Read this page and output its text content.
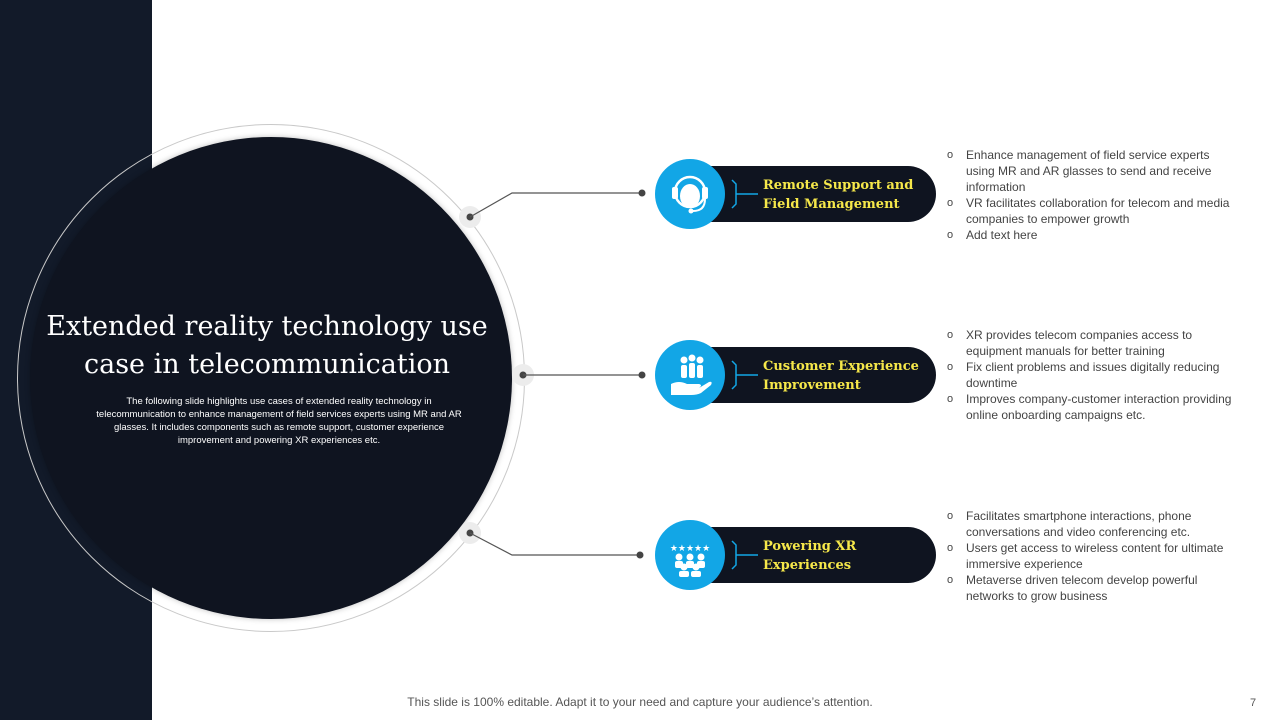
Extended reality technology use case in telecommunication

The following slide highlights use cases of extended reality technology in telecommunication to enhance management of field services experts using MR and AR glasses. It includes components such as remote support, customer experience improvement and powering XR experiences etc.

Remote Support and Field Management
o Enhance management of field service experts using MR and AR glasses to send and receive information
o VR facilitates collaboration for telecom and media companies to empower growth
o Add text here
Customer Experience Improvement
o XR provides telecom companies access to equipment manuals for better training
o Fix client problems and issues digitally reducing downtime
o Improves company-customer interaction providing online onboarding campaigns etc.
Powering XR Experiences
★★★★★
o Facilitates smartphone interactions, phone conversations and video conferencing etc.
o Users get access to wireless content for ultimate immersive experience
o Metaverse driven telecom develop powerful networks to grow business
This slide is 100% editable. Adapt it to your need and capture your audience’s attention.	7
